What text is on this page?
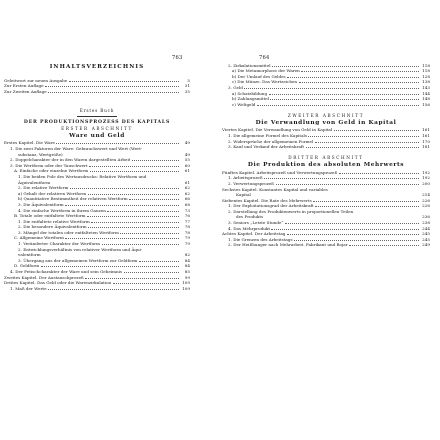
763
INHALTSVERZEICHNIS
Geleitwort zur neuen Ausgabe	5
Zur Ersten Auflage	31
Zur Zweiten Auflage	35
Erstes Buch
DER PRODUKTIONSPROZESS DES KAPITALS
ERSTER ABSCHNITT
Ware und Geld
Erstes Kapitel. Die Ware	49
1. Die zwei Faktoren der Ware: Gebrauchswert und Wert (Wert-
substanz, Wertgröße)	49
2. Doppelcharakter der in den Waren dargestellten Arbeit	55
3. Die Wertform oder der Tauschwert	60
A. Einfache oder einzelne Wertform	61
1. Die beiden Pole des Wertausdrucks: Relative Wertform und
Äquivalentform	61
2. Die relative Wertform	62
a) Gehalt der relativen Wertform	62
b) Quantitative Bestimmtheit der relativen Wertform	66
3. Die Äquivalentform	68
4. Die einfache Wertform in ihrem Ganzen	73
B. Totale oder entfaltete Wertform	76
1. Die entfaltete relative Wertform	77
2. Die besondere Äquivalentform	78
3. Mängel der totalen oder entfalteten Wertform	78
C. Allgemeine Wertform	79
1. Veränderter Charakter der Wertform	79
2. Entwicklungsverhältnis von relativer Wertform und Äqui-
valentform	82
3. Übergang aus der allgemeinen Wertform zur Geldform	84
D. Geldform	84
4. Der Fetischcharakter der Ware und sein Geheimnis	85
Zweites Kapitel. Der Austauschprozeß	99
Drittes Kapitel. Das Geld oder die Warenzirkulation	109
1. Maß der Werte	109
764
2. Zirkulationsmittel	118
a) Die Metamorphose der Waren	118
b) Der Umlauf des Geldes	128
c) Die Münze. Das Wertzeichen	138
3. Geld	143
a) Schatzbildung	144
b) Zahlungsmittel	148
c) Weltgeld	156
ZWEITER ABSCHNITT
Die Verwandlung von Geld in Kapital
Viertes Kapitel. Die Verwandlung von Geld in Kapital	161
1. Die allgemeine Formel des Kapitals	161
2. Widersprüche der allgemeinen Formel	170
3. Kauf und Verkauf der Arbeitskraft	181
DRITTER ABSCHNITT
Die Produktion des absoluten Mehrwerts
Fünftes Kapitel. Arbeitsprozeß und Verwertungsprozeß	192
1. Arbeitsprozeß	192
2. Verwertungsprozeß	200
Sechstes Kapitel. Konstantes Kapital und variables
Kapital	214
Siebentes Kapitel. Die Rate des Mehrwerts	226
1. Der Exploitationsgrad der Arbeitskraft	226
2. Darstellung des Produktenwerts in proportionellen Teilen
des Produkts	236
3. Seniors „Letzte Stunde“	238
4. Das Mehrprodukt	244
Achtes Kapitel. Der Arbeitstag	245
1. Die Grenzen des Arbeitstags	245
2. Der Heißhunger nach Mehrarbeit. Fabrikant und Bojar	249
